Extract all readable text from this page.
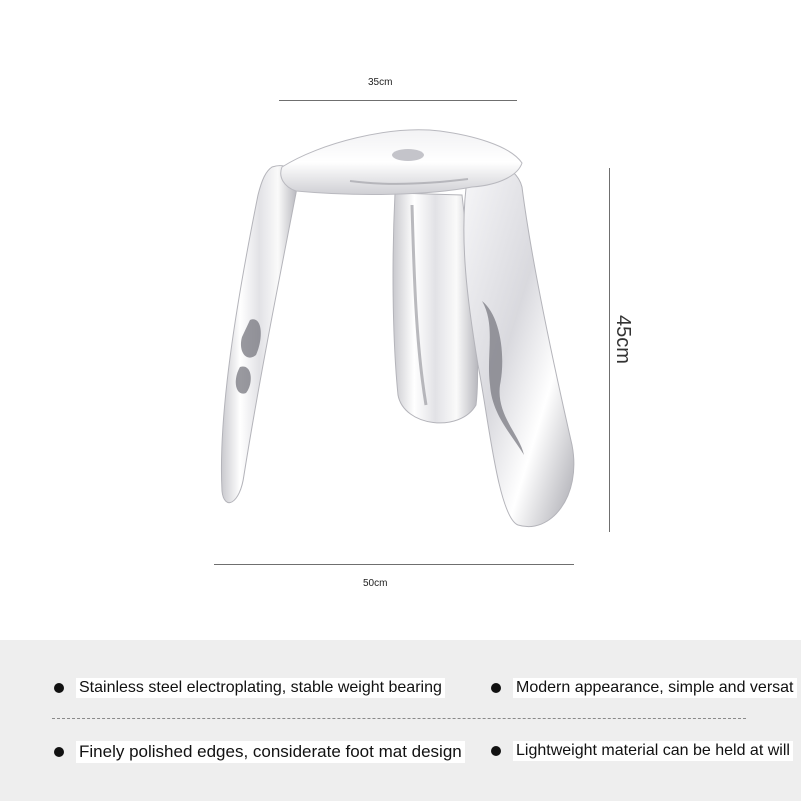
35cm
45cm
50cm
Stainless steel electroplating, stable weight bearing	Modern appearance, simple and versat
Finely polished edges, considerate foot mat design	Lightweight material can be held at will
